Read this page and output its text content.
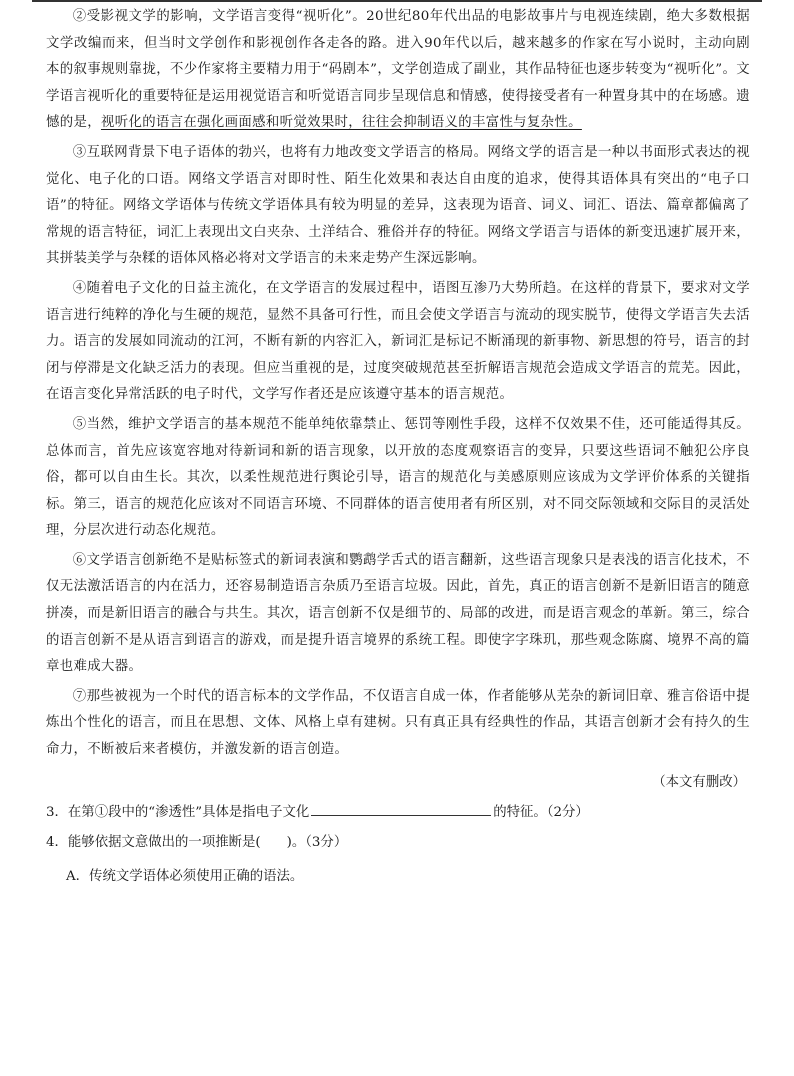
②受影视文学的影响，文学语言变得“视听化”。20世纪80年代出品的电影故事片与电视连续剧，绝大多数根据文学改编而来，但当时文学创作和影视创作各走各的路。进入90年代以后，越来越多的作家在写小说时，主动向剧本的叙事规则靠拢，不少作家将主要精力用于“码剧本”，文学创造成了副业，其作品特征也逐步转变为“视听化”。文学语言视听化的重要特征是运用视觉语言和听觉语言同步呈现信息和情感，使得接受者有一种置身其中的在场感。遗憾的是，视听化的语言在强化画面感和听觉效果时，往往会抑制语义的丰富性与复杂性。

③互联网背景下电子语体的勃兴，也将有力地改变文学语言的格局。网络文学的语言是一种以书面形式表达的视觉化、电子化的口语。网络文学语言对即时性、陌生化效果和表达自由度的追求，使得其语体具有突出的“电子口语”的特征。网络文学语体与传统文学语体具有较为明显的差异，这表现为语音、词义、词汇、语法、篇章都偏离了常规的语言特征，词汇上表现出文白夹杂、土洋结合、雅俗并存的特征。网络文学语言与语体的新变迅速扩展开来，其拼装美学与杂糅的语体风格必将对文学语言的未来走势产生深远影响。

④随着电子文化的日益主流化，在文学语言的发展过程中，语图互渗乃大势所趋。在这样的背景下，要求对文学语言进行纯粹的净化与生硬的规范，显然不具备可行性，而且会使文学语言与流动的现实脱节，使得文学语言失去活力。语言的发展如同流动的江河，不断有新的内容汇入，新词汇是标记不断涌现的新事物、新思想的符号，语言的封闭与停滞是文化缺乏活力的表现。但应当重视的是，过度突破规范甚至折解语言规范会造成文学语言的荒芜。因此，在语言变化异常活跃的电子时代，文学写作者还是应该遵守基本的语言规范。

⑤当然，维护文学语言的基本规范不能单纯依靠禁止、惩罚等刚性手段，这样不仅效果不佳，还可能适得其反。总体而言，首先应该宽容地对待新词和新的语言现象，以开放的态度观察语言的变异，只要这些语词不触犯公序良俗，都可以自由生长。其次，以柔性规范进行舆论引导，语言的规范化与美感原则应该成为文学评价体系的关键指标。第三，语言的规范化应该对不同语言环境、不同群体的语言使用者有所区别，对不同交际领域和交际目的灵活处理，分层次进行动态化规范。

⑥文学语言创新绝不是贴标签式的新词表演和鹦鹉学舌式的语言翻新，这些语言现象只是表浅的语言化技术，不仅无法激活语言的内在活力，还容易制造语言杂质乃至语言垃圾。因此，首先，真正的语言创新不是新旧语言的随意拼凑，而是新旧语言的融合与共生。其次，语言创新不仅是细节的、局部的改进，而是语言观念的革新。第三，综合的语言创新不是从语言到语言的游戏，而是提升语言境界的系统工程。即使字字珠玑，那些观念陈腐、境界不高的篇章也难成大器。

⑦那些被视为一个时代的语言标本的文学作品，不仅语言自成一体，作者能够从芜杂的新词旧章、雅言俗语中提炼出个性化的语言，而且在思想、文体、风格上卓有建树。只有真正具有经典性的作品，其语言创新才会有持久的生命力，不断被后来者模仿，并激发新的语言创造。

（本文有删改）

3．在第①段中的“渗透性”具体是指电子文化	的特征。（2分）

4．能够依据文意做出的一项推断是( )。（3分）

A．传统文学语体必须使用正确的语法。
